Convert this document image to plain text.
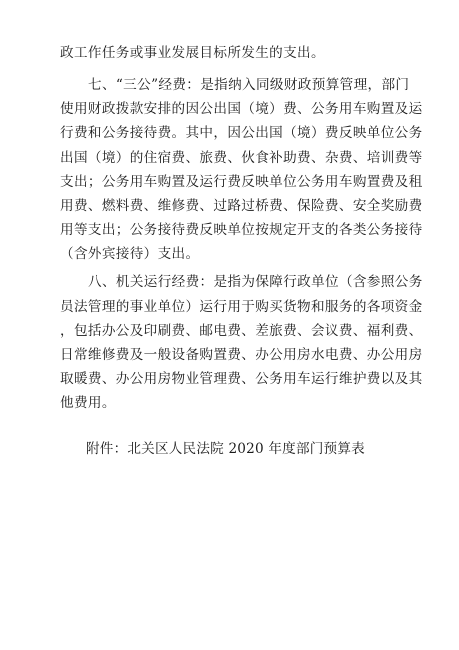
政工作任务或事业发展目标所发生的支出。
七、“三公”经费：是指纳入同级财政预算管理，部门
使用财政拨款安排的因公出国（境）费、公务用车购置及运
行费和公务接待费。其中，因公出国（境）费反映单位公务
出国（境）的住宿费、旅费、伙食补助费、杂费、培训费等
支出；公务用车购置及运行费反映单位公务用车购置费及租
用费、燃料费、维修费、过路过桥费、保险费、安全奖励费
用等支出；公务接待费反映单位按规定开支的各类公务接待
（含外宾接待）支出。
八、机关运行经费：是指为保障行政单位（含参照公务
员法管理的事业单位）运行用于购买货物和服务的各项资金
，包括办公及印刷费、邮电费、差旅费、会议费、福利费、
日常维修费及一般设备购置费、办公用房水电费、办公用房
取暖费、办公用房物业管理费、公务用车运行维护费以及其
他费用。
附件：北关区人民法院 2020 年度部门预算表
